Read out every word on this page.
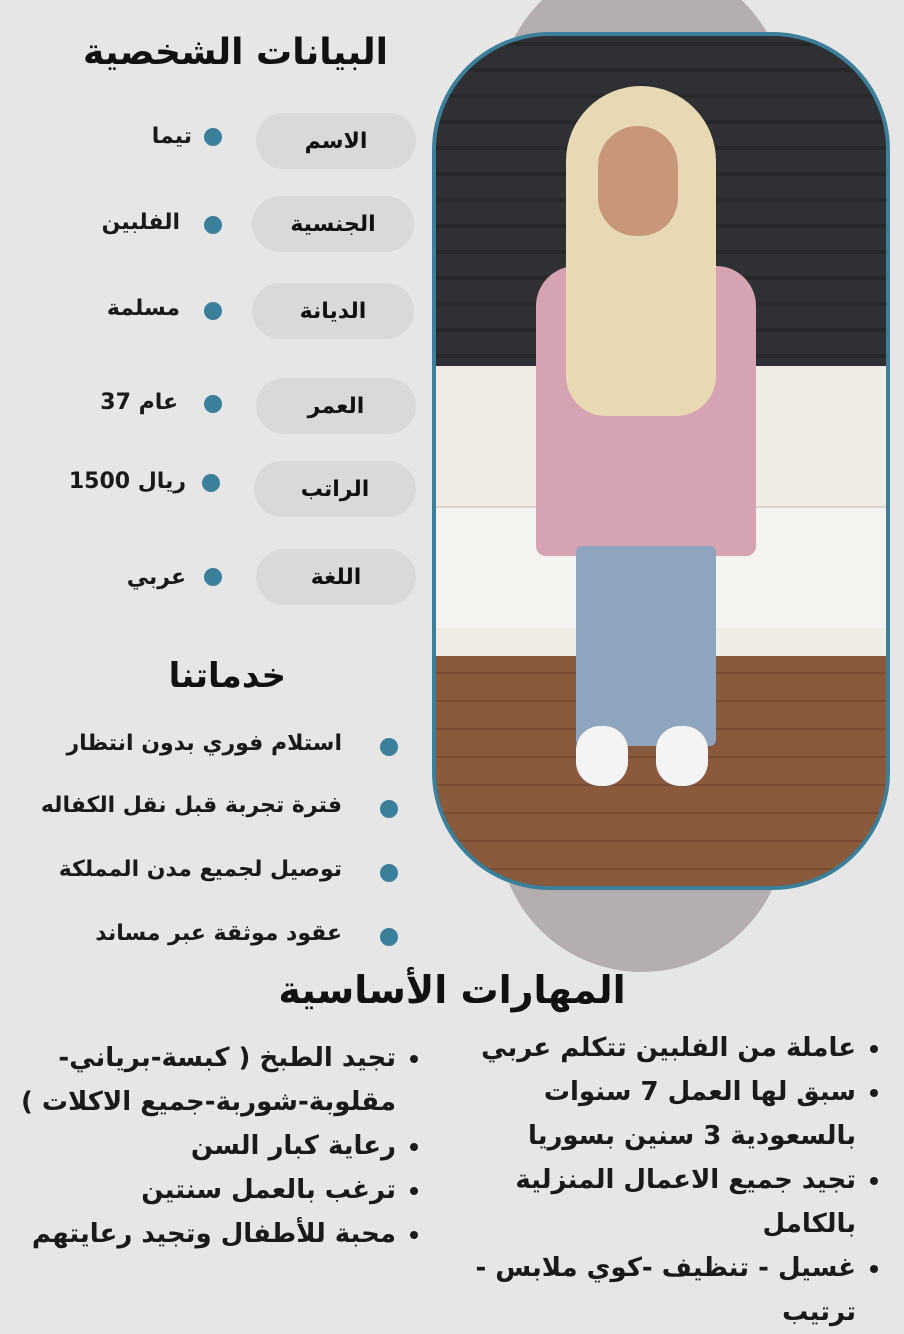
البيانات الشخصية
الاسم
تيما
الجنسية
الفلبين
الديانة
مسلمة
العمر
37 عام
الراتب
1500 ريال
اللغة
عربي
خدماتنا
استلام فوري بدون انتظار
فترة تجربة قبل نقل الكفاله
توصيل لجميع مدن المملكة
عقود موثقة عبر مساند
المهارات الأساسية
• عاملة من الفلبين تتكلم عربي
• سبق لها العمل 7 سنوات بالسعودية 3 سنين بسوريا
• تجيد جميع الاعمال المنزلية بالكامل
• غسيل - تنظيف -كوي ملابس - ترتيب
• تجيد الطبخ ( كبسة-برياني-مقلوبة-شوربة-جميع الاكلات )
• رعاية كبار السن
• ترغب بالعمل سنتين
• محبة للأطفال وتجيد رعايتهم
